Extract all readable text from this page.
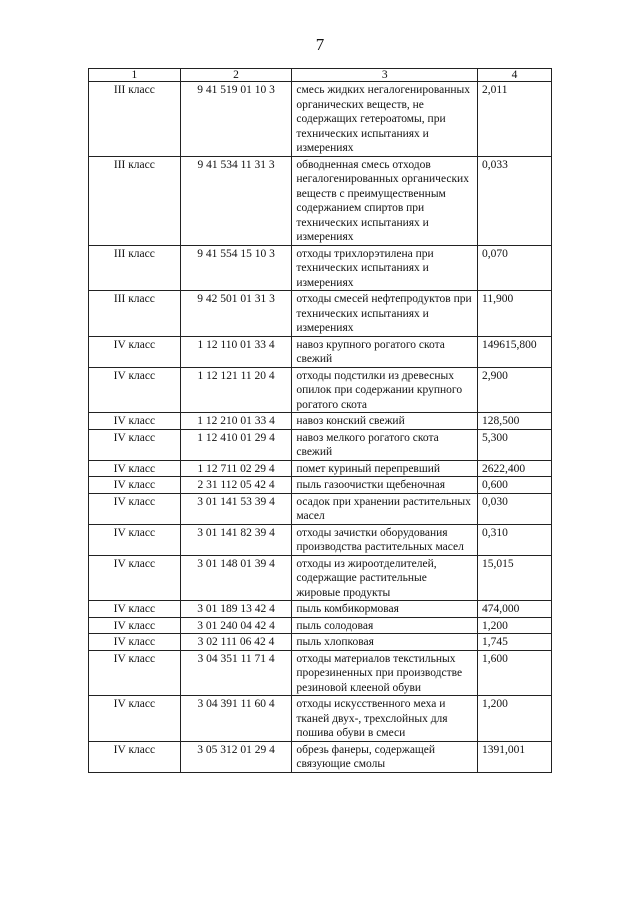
7
1	2	3	4
III класс	9 41 519 01 10 3	смесь жидких негалогенированных органических веществ, не содержащих гетероатомы, при технических испытаниях и измерениях	2,011
III класс	9 41 534 11 31 3	обводненная смесь отходов негалогенированных органических веществ с преимущественным содержанием спиртов при технических испытаниях и измерениях	0,033
III класс	9 41 554 15 10 3	отходы трихлорэтилена при технических испытаниях и измерениях	0,070
III класс	9 42 501 01 31 3	отходы смесей нефтепродуктов при технических испытаниях и измерениях	11,900
IV класс	1 12 110 01 33 4	навоз крупного рогатого скота свежий	149615,800
IV класс	1 12 121 11 20 4	отходы подстилки из древесных опилок при содержании крупного рогатого скота	2,900
IV класс	1 12 210 01 33 4	навоз конский свежий	128,500
IV класс	1 12 410 01 29 4	навоз мелкого рогатого скота свежий	5,300
IV класс	1 12 711 02 29 4	помет куриный перепревший	2622,400
IV класс	2 31 112 05 42 4	пыль газоочистки щебеночная	0,600
IV класс	3 01 141 53 39 4	осадок при хранении растительных масел	0,030
IV класс	3 01 141 82 39 4	отходы зачистки оборудования производства растительных масел	0,310
IV класс	3 01 148 01 39 4	отходы из жироотделителей, содержащие растительные жировые продукты	15,015
IV класс	3 01 189 13 42 4	пыль комбикормовая	474,000
IV класс	3 01 240 04 42 4	пыль солодовая	1,200
IV класс	3 02 111 06 42 4	пыль хлопковая	1,745
IV класс	3 04 351 11 71 4	отходы материалов текстильных прорезиненных при производстве резиновой клееной обуви	1,600
IV класс	3 04 391 11 60 4	отходы искусственного меха и тканей двух-, трехслойных для пошива обуви в смеси	1,200
IV класс	3 05 312 01 29 4	обрезь фанеры, содержащей связующие смолы	1391,001
